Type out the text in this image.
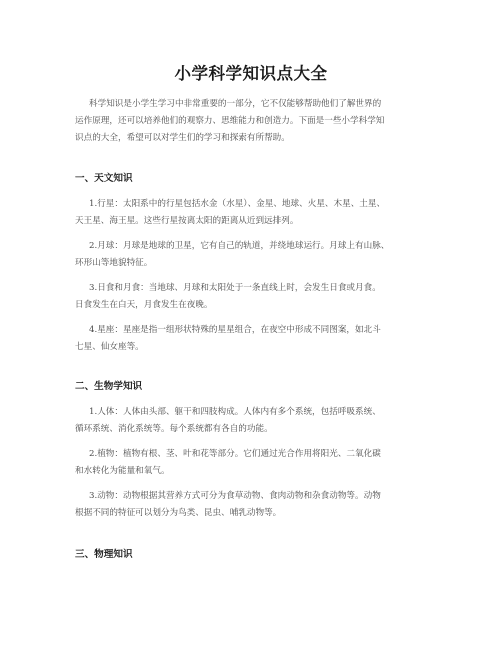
小学科学知识点大全
科学知识是小学生学习中非常重要的一部分，它不仅能够帮助他们了解世界的
运作原理，还可以培养他们的观察力、思维能力和创造力。下面是一些小学科学知
识点的大全，希望可以对学生们的学习和探索有所帮助。
一、天文知识
1.行星：太阳系中的行星包括水金（水星）、金星、地球、火星、木星、土星、
天王星、海王星。这些行星按离太阳的距离从近到远排列。
2.月球：月球是地球的卫星，它有自己的轨道，并绕地球运行。月球上有山脉、
环形山等地貌特征。
3.日食和月食：当地球、月球和太阳处于一条直线上时，会发生日食或月食。
日食发生在白天，月食发生在夜晚。
4.星座：星座是指一组形状特殊的星星组合，在夜空中形成不同图案，如北斗
七星、仙女座等。
二、生物学知识
1.人体：人体由头部、躯干和四肢构成。人体内有多个系统，包括呼吸系统、
循环系统、消化系统等。每个系统都有各自的功能。
2.植物：植物有根、茎、叶和花等部分。它们通过光合作用将阳光、二氧化碳
和水转化为能量和氧气。
3.动物：动物根据其营养方式可分为食草动物、食肉动物和杂食动物等。动物
根据不同的特征可以划分为鸟类、昆虫、哺乳动物等。
三、物理知识
